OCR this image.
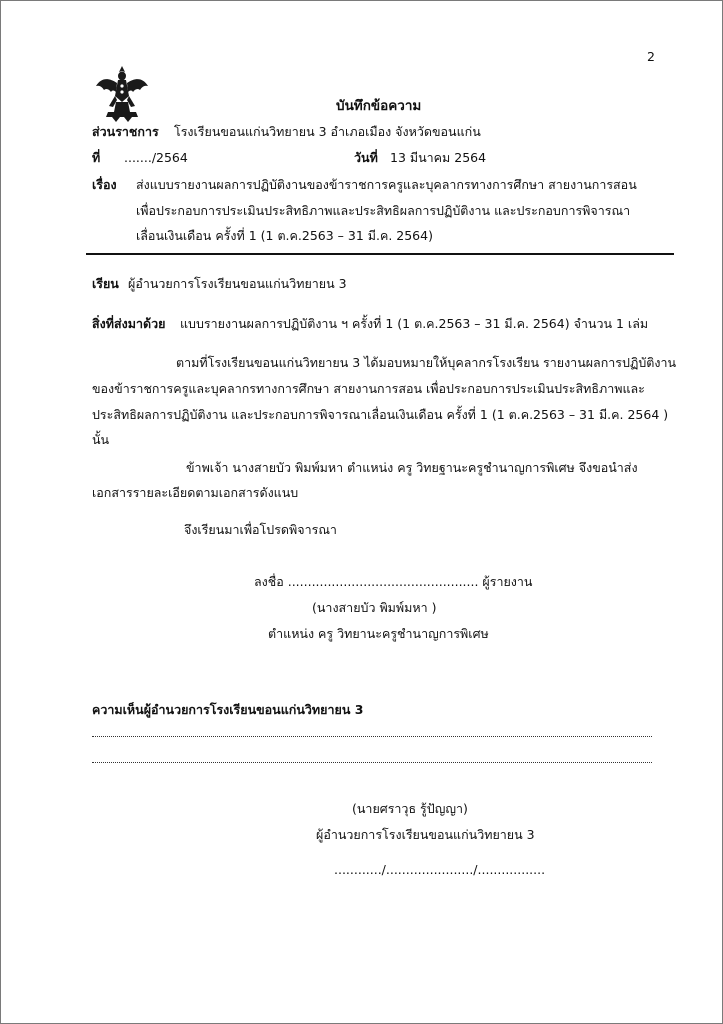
2
บันทึกข้อความ
ส่วนราชการ โรงเรียนขอนแก่นวิทยายน 3 อำเภอเมือง จังหวัดขอนแก่น
ที่ ......./2564	วันที่ 13 มีนาคม 2564
เรื่อง ส่งแบบรายงานผลการปฏิบัติงานของข้าราชการครูและบุคลากรทางการศึกษา สายงานการสอน
เพื่อประกอบการประเมินประสิทธิภาพและประสิทธิผลการปฏิบัติงาน และประกอบการพิจารณา
เลื่อนเงินเดือน ครั้งที่ 1 (1 ต.ค.2563 – 31 มี.ค. 2564)
เรียน ผู้อำนวยการโรงเรียนขอนแก่นวิทยายน 3
สิ่งที่ส่งมาด้วย แบบรายงานผลการปฏิบัติงาน ฯ ครั้งที่ 1 (1 ต.ค.2563 – 31 มี.ค. 2564) จำนวน 1 เล่ม
ตามที่โรงเรียนขอนแก่นวิทยายน 3 ได้มอบหมายให้บุคลากรโรงเรียน รายงานผลการปฏิบัติงาน
ของข้าราชการครูและบุคลากรทางการศึกษา สายงานการสอน เพื่อประกอบการประเมินประสิทธิภาพและ
ประสิทธิผลการปฏิบัติงาน และประกอบการพิจารณาเลื่อนเงินเดือน ครั้งที่ 1 (1 ต.ค.2563 – 31 มี.ค. 2564 )
นั้น
ข้าพเจ้า นางสายบัว พิมพ์มหา ตำแหน่ง ครู วิทยฐานะครูชำนาญการพิเศษ จึงขอนำส่ง
เอกสารรายละเอียดตามเอกสารดังแนบ
จึงเรียนมาเพื่อโปรดพิจารณา
ลงชื่อ ................................................ ผู้รายงาน
(นางสายบัว พิมพ์มหา )
ตำแหน่ง ครู วิทยานะครูชำนาญการพิเศษ
ความเห็นผู้อำนวยการโรงเรียนขอนแก่นวิทยายน 3
(นายศราวุธ รู้ปัญญา)
ผู้อำนวยการโรงเรียนขอนแก่นวิทยายน 3
............/....................../.................
